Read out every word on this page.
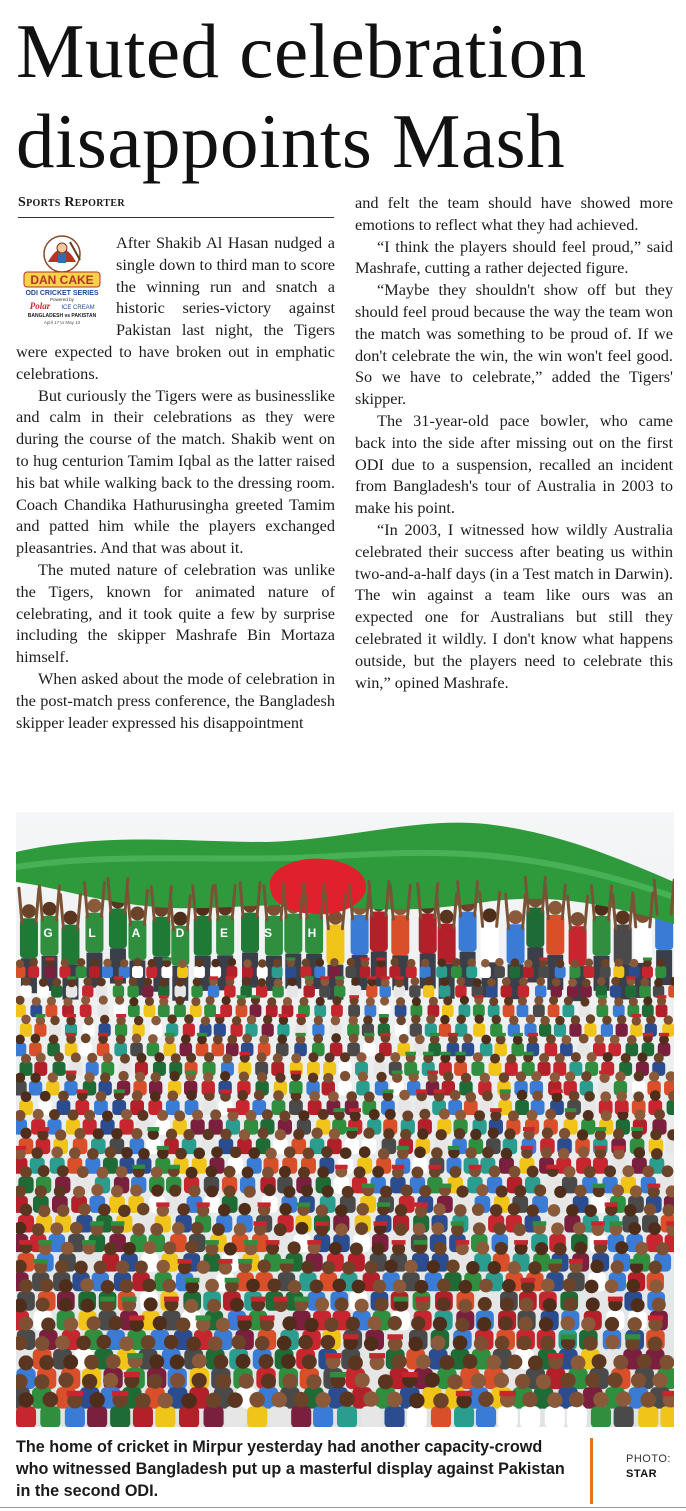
Muted celebration
disappoints Mash
Sports Reporter
DAN CAKE
ODI CRICKET SERIES
Powered by
Polar ICE CREAM
BANGLADESH vs PAKISTAN
April 17 to May 10

After Shakib Al Hasan nudged a single down to third man to score the winning run and snatch a historic series-victory against Pakistan last night, the Tigers were expected to have broken out in emphatic celebrations.

But curiously the Tigers were as businesslike and calm in their celebrations as they were during the course of the match. Shakib went on to hug centurion Tamim Iqbal as the latter raised his bat while walking back to the dressing room. Coach Chandika Hathurusingha greeted Tamim and patted him while the players exchanged pleasantries. And that was about it.

The muted nature of celebration was unlike the Tigers, known for animated nature of celebrating, and it took quite a few by surprise including the skipper Mashrafe Bin Mortaza himself.

When asked about the mode of celebration in the post-match press conference, the Bangladesh skipper leader expressed his disappointment

and felt the team should have showed more emotions to reflect what they had achieved.

“I think the players should feel proud,” said Mashrafe, cutting a rather dejected figure.

“Maybe they shouldn't show off but they should feel proud because the way the team won the match was something to be proud of. If we don't celebrate the win, the win won't feel good. So we have to celebrate,” added the Tigers' skipper.

The 31-year-old pace bowler, who came back into the side after missing out on the first ODI due to a suspension, recalled an incident from Bangladesh's tour of Australia in 2003 to make his point.

“In 2003, I witnessed how wildly Australia celebrated their success after beating us within two-and-a-half days (in a Test match in Darwin). The win against a team like ours was an expected one for Australians but still they celebrated it wildly. I don't know what happens outside, but the players need to celebrate this win,” opined Mashrafe.

G	L	A	D	E	S	H
The home of cricket in Mirpur yesterday had another capacity-crowd who witnessed Bangladesh put up a masterful display against Pakistan in the second ODI.
PHOTO:
STAR
